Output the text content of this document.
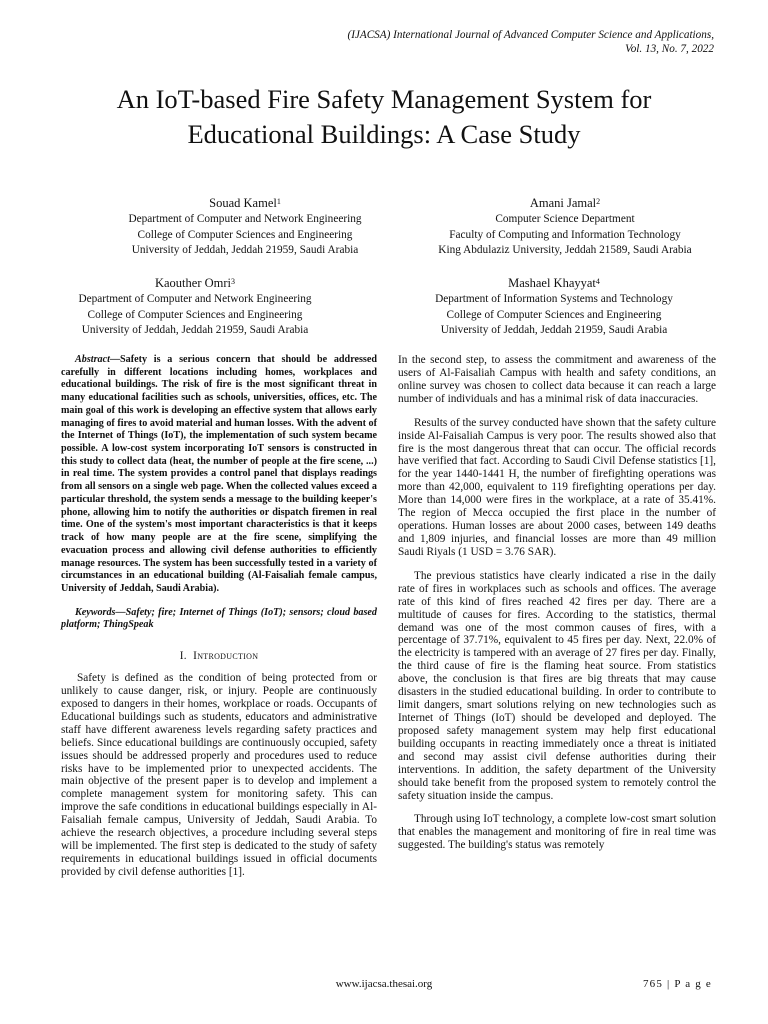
(IJACSA) International Journal of Advanced Computer Science and Applications,
Vol. 13, No. 7, 2022
An IoT-based Fire Safety Management System for
Educational Buildings: A Case Study
Souad Kamel$^1$
Department of Computer and Network Engineering
College of Computer Sciences and Engineering
University of Jeddah, Jeddah 21959, Saudi Arabia
Amani Jamal$^2$
Computer Science Department
Faculty of Computing and Information Technology
King Abdulaziz University, Jeddah 21589, Saudi Arabia
Kaouther Omri$^3$
Department of Computer and Network Engineering
College of Computer Sciences and Engineering
University of Jeddah, Jeddah 21959, Saudi Arabia
Mashael Khayyat$^4$
Department of Information Systems and Technology
College of Computer Sciences and Engineering
University of Jeddah, Jeddah 21959, Saudi Arabia

Abstract—Safety is a serious concern that should be addressed carefully in different locations including homes, workplaces and educational buildings. The risk of fire is the most significant threat in many educational facilities such as schools, universities, offices, etc. The main goal of this work is developing an effective system that allows early managing of fires to avoid material and human losses. With the advent of the Internet of Things (IoT), the implementation of such system became possible. A low-cost system incorporating IoT sensors is constructed in this study to collect data (heat, the number of people at the fire scene, ...) in real time. The system provides a control panel that displays readings from all sensors on a single web page. When the collected values exceed a particular threshold, the system sends a message to the building keeper's phone, allowing him to notify the authorities or dispatch firemen in real time. One of the system's most important characteristics is that it keeps track of how many people are at the fire scene, simplifying the evacuation process and allowing civil defense authorities to efficiently manage resources. The system has been successfully tested in a variety of circumstances in an educational building (Al-Faisaliah female campus, University of Jeddah, Saudi Arabia).

Keywords—Safety; fire; Internet of Things (IoT); sensors; cloud based platform; ThingSpeak

I. Introduction

Safety is defined as the condition of being protected from or unlikely to cause danger, risk, or injury. People are continuously exposed to dangers in their homes, workplace or roads. Occupants of Educational buildings such as students, educators and administrative staff have different awareness levels regarding safety practices and beliefs. Since educational buildings are continuously occupied, safety issues should be addressed properly and procedures used to reduce risks have to be implemented prior to unexpected accidents. The main objective of the present paper is to develop and implement a complete management system for monitoring safety. This can improve the safe conditions in educational buildings especially in Al-Faisaliah female campus, University of Jeddah, Saudi Arabia. To achieve the research objectives, a procedure including several steps will be implemented. The first step is dedicated to the study of safety requirements in educational buildings issued in official documents provided by civil defense authorities [1].

In the second step, to assess the commitment and awareness of the users of Al-Faisaliah Campus with health and safety conditions, an online survey was chosen to collect data because it can reach a large number of individuals and has a minimal risk of data inaccuracies.

Results of the survey conducted have shown that the safety culture inside Al-Faisaliah Campus is very poor. The results showed also that fire is the most dangerous threat that can occur. The official records have verified that fact. According to Saudi Civil Defense statistics [1], for the year 1440-1441 H, the number of firefighting operations was more than 42,000, equivalent to 119 firefighting operations per day. More than 14,000 were fires in the workplace, at a rate of 35.41%. The region of Mecca occupied the first place in the number of operations. Human losses are about 2000 cases, between 149 deaths and 1,809 injuries, and financial losses are more than 49 million Saudi Riyals (1 USD = 3.76 SAR).

The previous statistics have clearly indicated a rise in the daily rate of fires in workplaces such as schools and offices. The average rate of this kind of fires reached 42 fires per day. There are a multitude of causes for fires. According to the statistics, thermal demand was one of the most common causes of fires, with a percentage of 37.71%, equivalent to 45 fires per day. Next, 22.0% of the electricity is tampered with an average of 27 fires per day. Finally, the third cause of fire is the flaming heat source. From statistics above, the conclusion is that fires are big threats that may cause disasters in the studied educational building. In order to contribute to limit dangers, smart solutions relying on new technologies such as Internet of Things (IoT) should be developed and deployed. The proposed safety management system may help first educational building occupants in reacting immediately once a threat is initiated and second may assist civil defense authorities during their interventions. In addition, the safety department of the University should take benefit from the proposed system to remotely control the safety situation inside the campus.

Through using IoT technology, a complete low-cost smart solution that enables the management and monitoring of fire in real time was suggested. The building's status was remotely

www.ijacsa.thesai.org	765 | P a g e
